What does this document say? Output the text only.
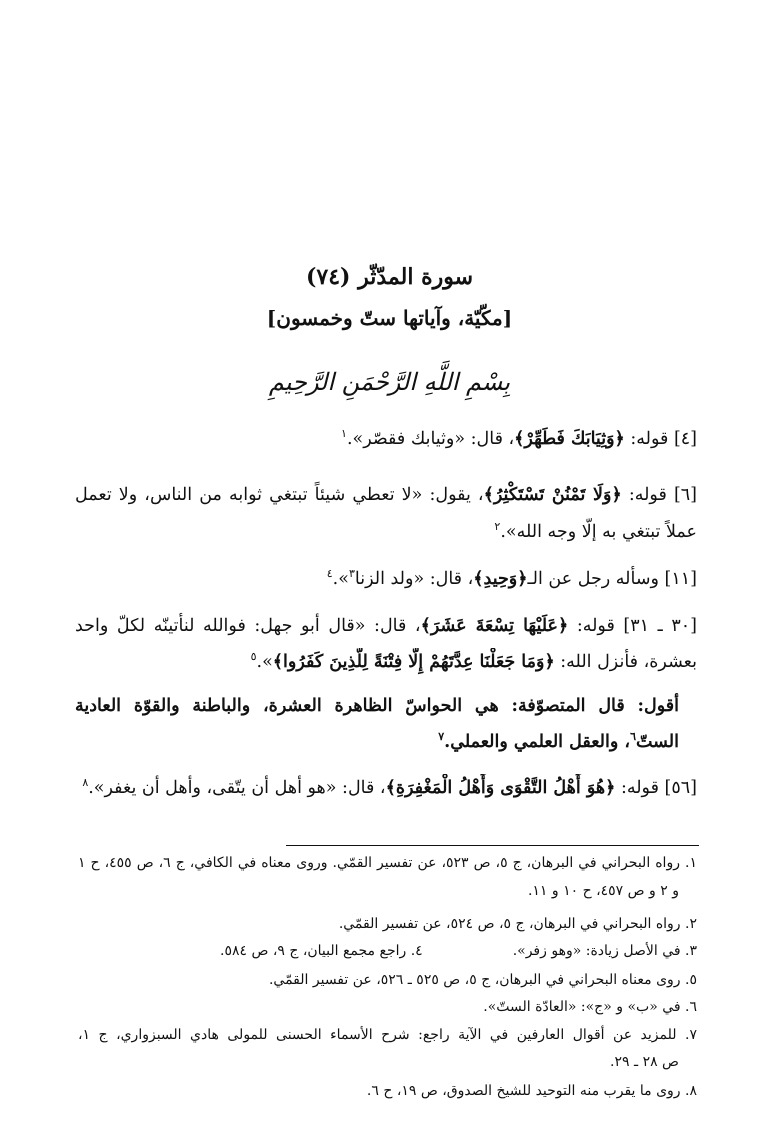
سورة المدّثّر (٧٤)
[مكّيّة، وآياتها ستّ وخمسون]
بِسْمِ اللَّهِ الرَّحْمَنِ الرَّحِيمِ
[٤] قوله: ﴿وَثِيَابَكَ فَطَهِّرْ﴾، قال: «وثيابك فقصّر».$^١$
[٦] قوله: ﴿وَلَا تَمْنُنْ تَسْتَكْثِرُ﴾، يقول: «لا تعطي شيئاً تبتغي ثوابه من الناس، ولا تعمل
عملاً تبتغي به إلّا وجه الله».$^٢$
[١١] وسأله رجل عن الـ﴿وَحِيدِ﴾، قال: «ولد الزنا$^٣$».$^٤$
[٣٠ ـ ٣١] قوله: ﴿عَلَيْهَا تِسْعَةَ عَشَرَ﴾، قال: «قال أبو جهل: فوالله لنأتينّه لكلّ واحد
بعشرة، فأنزل الله: ﴿وَمَا جَعَلْنَا عِدَّتَهُمْ إِلَّا فِتْنَةً لِلَّذِينَ كَفَرُوا﴾».$^٥$
أقول: قال المتصوّفة: هي الحواسّ الظاهرة العشرة، والباطنة والقوّة العادية
الستّ$^٦$، والعقل العلمي والعملي.$^٧$
[٥٦] قوله: ﴿هُوَ أَهْلُ التَّقْوَى وَأَهْلُ الْمَغْفِرَةِ﴾، قال: «هو أهل أن يتّقى، وأهل أن يغفر».$^٨$
١. رواه البحراني في البرهان، ج ٥، ص ٥٢٣، عن تفسير القمّي. وروى معناه في الكافي، ج ٦، ص ٤٥٥، ح ١
و ٢ و ص ٤٥٧، ح ١٠ و ١١.
٢. رواه البحراني في البرهان، ج ٥، ص ٥٢٤، عن تفسير القمّي.
٣. في الأصل زيادة: «وهو زفر».٤. راجع مجمع البيان، ج ٩، ص ٥٨٤.
٥. روى معناه البحراني في البرهان، ج ٥، ص ٥٢٥ ـ ٥٢٦، عن تفسير القمّي.
٦. في «ب» و «ج»: «العادّة الستّ».
٧. للمزيد عن أقوال العارفين في الآية راجع: شرح الأسماء الحسنى للمولى هادي السبزواري، ج ١،
ص ٢٨ ـ ٢٩.
٨. روى ما يقرب منه التوحيد للشيخ الصدوق، ص ١٩، ح ٦.
